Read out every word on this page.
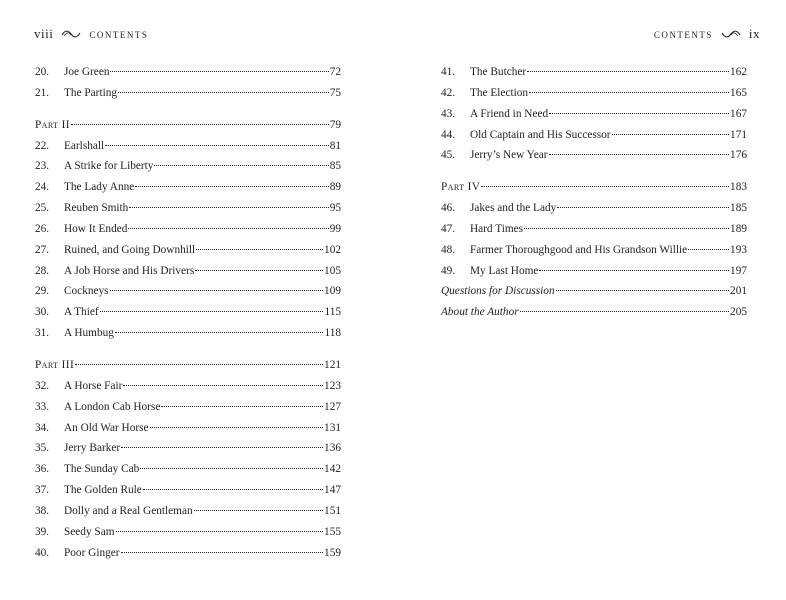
viii	contents
20.	Joe Green	72
21.	The Parting	75
Part II	79
22.	Earlshall	81
23.	A Strike for Liberty	85
24.	The Lady Anne	89
25.	Reuben Smith	95
26.	How It Ended	99
27.	Ruined, and Going Downhill	102
28.	A Job Horse and His Drivers	105
29.	Cockneys	109
30.	A Thief	115
31.	A Humbug	118
Part III	121
32.	A Horse Fair	123
33.	A London Cab Horse	127
34.	An Old War Horse	131
35.	Jerry Barker	136
36.	The Sunday Cab	142
37.	The Golden Rule	147
38.	Dolly and a Real Gentleman	151
39.	Seedy Sam	155
40.	Poor Ginger	159
contents	ix
41.	The Butcher	162
42.	The Election	165
43.	A Friend in Need	167
44.	Old Captain and His Successor	171
45.	Jerry’s New Year	176
Part IV	183
46.	Jakes and the Lady	185
47.	Hard Times	189
48.	Farmer Thoroughgood and His Grandson Willie	193
49.	My Last Home	197
Questions for Discussion	201
About the Author	205
